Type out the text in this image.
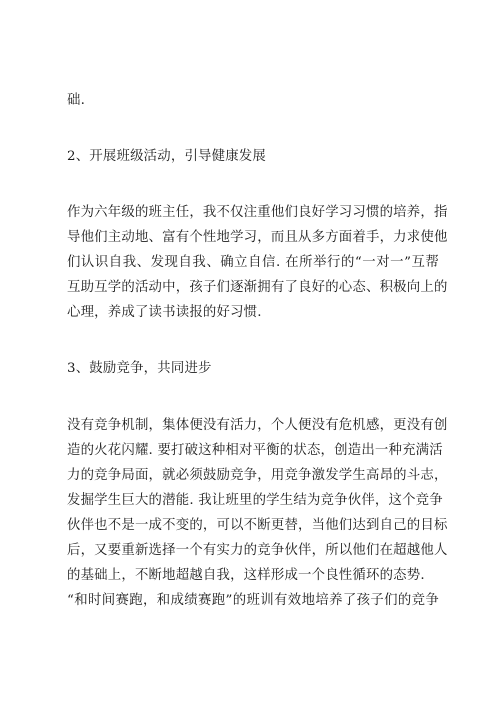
础.
2、开展班级活动，引导健康发展
作为六年级的班主任，我不仅注重他们良好学习习惯的培养，指
导他们主动地、富有个性地学习，而且从多方面着手，力求使他
们认识自我、发现自我、确立自信. 在所举行的“一对一”互帮
互助互学的活动中，孩子们逐渐拥有了良好的心态、积极向上的
心理，养成了读书读报的好习惯.
3、鼓励竞争，共同进步
没有竞争机制，集体便没有活力，个人便没有危机感，更没有创
造的火花闪耀. 要打破这种相对平衡的状态，创造出一种充满活
力的竞争局面，就必须鼓励竞争，用竞争激发学生高昂的斗志，
发掘学生巨大的潜能. 我让班里的学生结为竞争伙伴，这个竞争
伙伴也不是一成不变的，可以不断更替，当他们达到自己的目标
后，又要重新选择一个有实力的竞争伙伴，所以他们在超越他人
的基础上，不断地超越自我，这样形成一个良性循环的态势.
“和时间赛跑，和成绩赛跑”的班训有效地培养了孩子们的竞争
